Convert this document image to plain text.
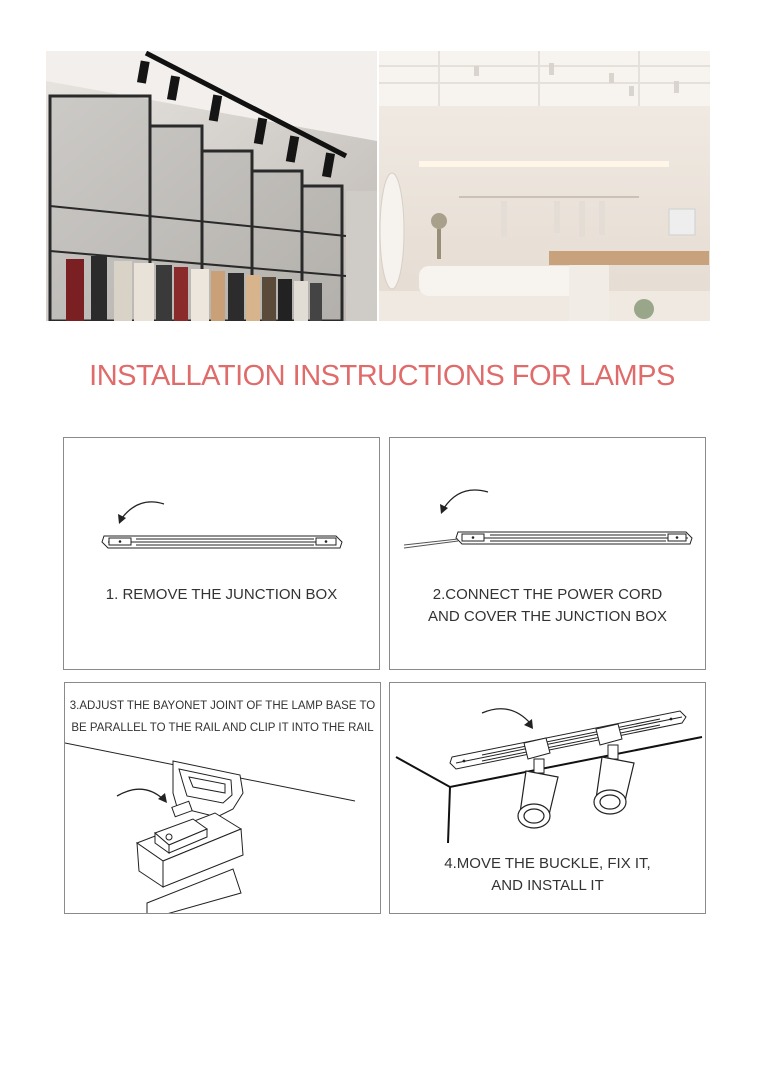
INSTALLATION INSTRUCTIONS FOR LAMPS
1. REMOVE THE JUNCTION BOX	2.CONNECT THE POWER CORD
AND COVER THE JUNCTION BOX
3.ADJUST THE BAYONET JOINT OF THE LAMP BASE TO
BE PARALLEL TO THE RAIL AND CLIP IT INTO THE RAIL
4.MOVE THE BUCKLE, FIX IT,
AND INSTALL IT
